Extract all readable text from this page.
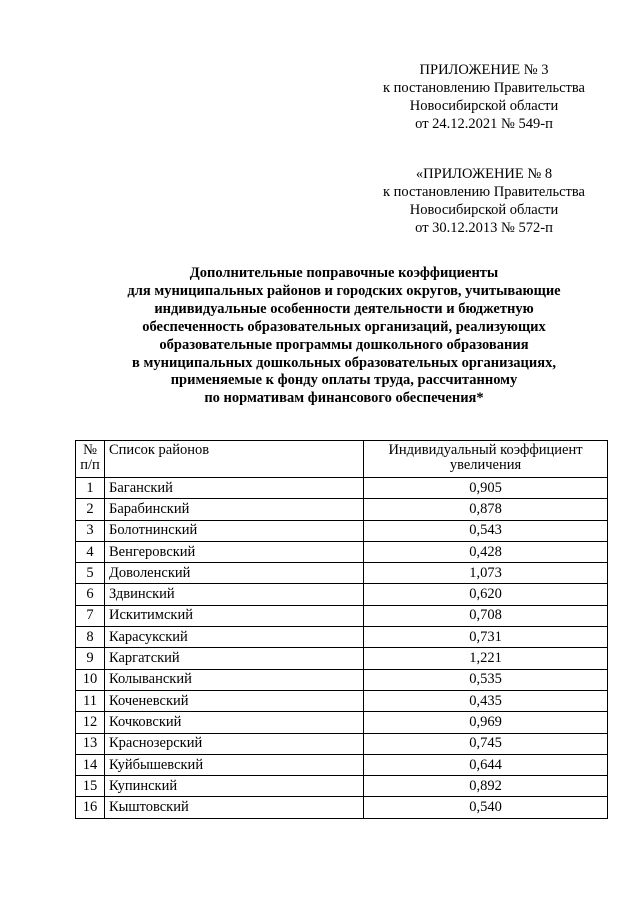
ПРИЛОЖЕНИЕ № 3
к постановлению Правительства
Новосибирской области
от 24.12.2021 № 549-п
«ПРИЛОЖЕНИЕ № 8
к постановлению Правительства
Новосибирской области
от 30.12.2013 № 572-п
Дополнительные поправочные коэффициенты
для муниципальных районов и городских округов, учитывающие
индивидуальные особенности деятельности и бюджетную
обеспеченность образовательных организаций, реализующих
образовательные программы дошкольного образования
в муниципальных дошкольных образовательных организациях,
применяемые к фонду оплаты труда, рассчитанному
по нормативам финансового обеспечения*
№ п/п	Список районов	Индивидуальный коэффициент увеличения
1	Баганский	0,905
2	Барабинский	0,878
3	Болотнинский	0,543
4	Венгеровский	0,428
5	Доволенский	1,073
6	Здвинский	0,620
7	Искитимский	0,708
8	Карасукский	0,731
9	Каргатский	1,221
10	Колыванский	0,535
11	Коченевский	0,435
12	Кочковский	0,969
13	Краснозерский	0,745
14	Куйбышевский	0,644
15	Купинский	0,892
16	Кыштовский	0,540
